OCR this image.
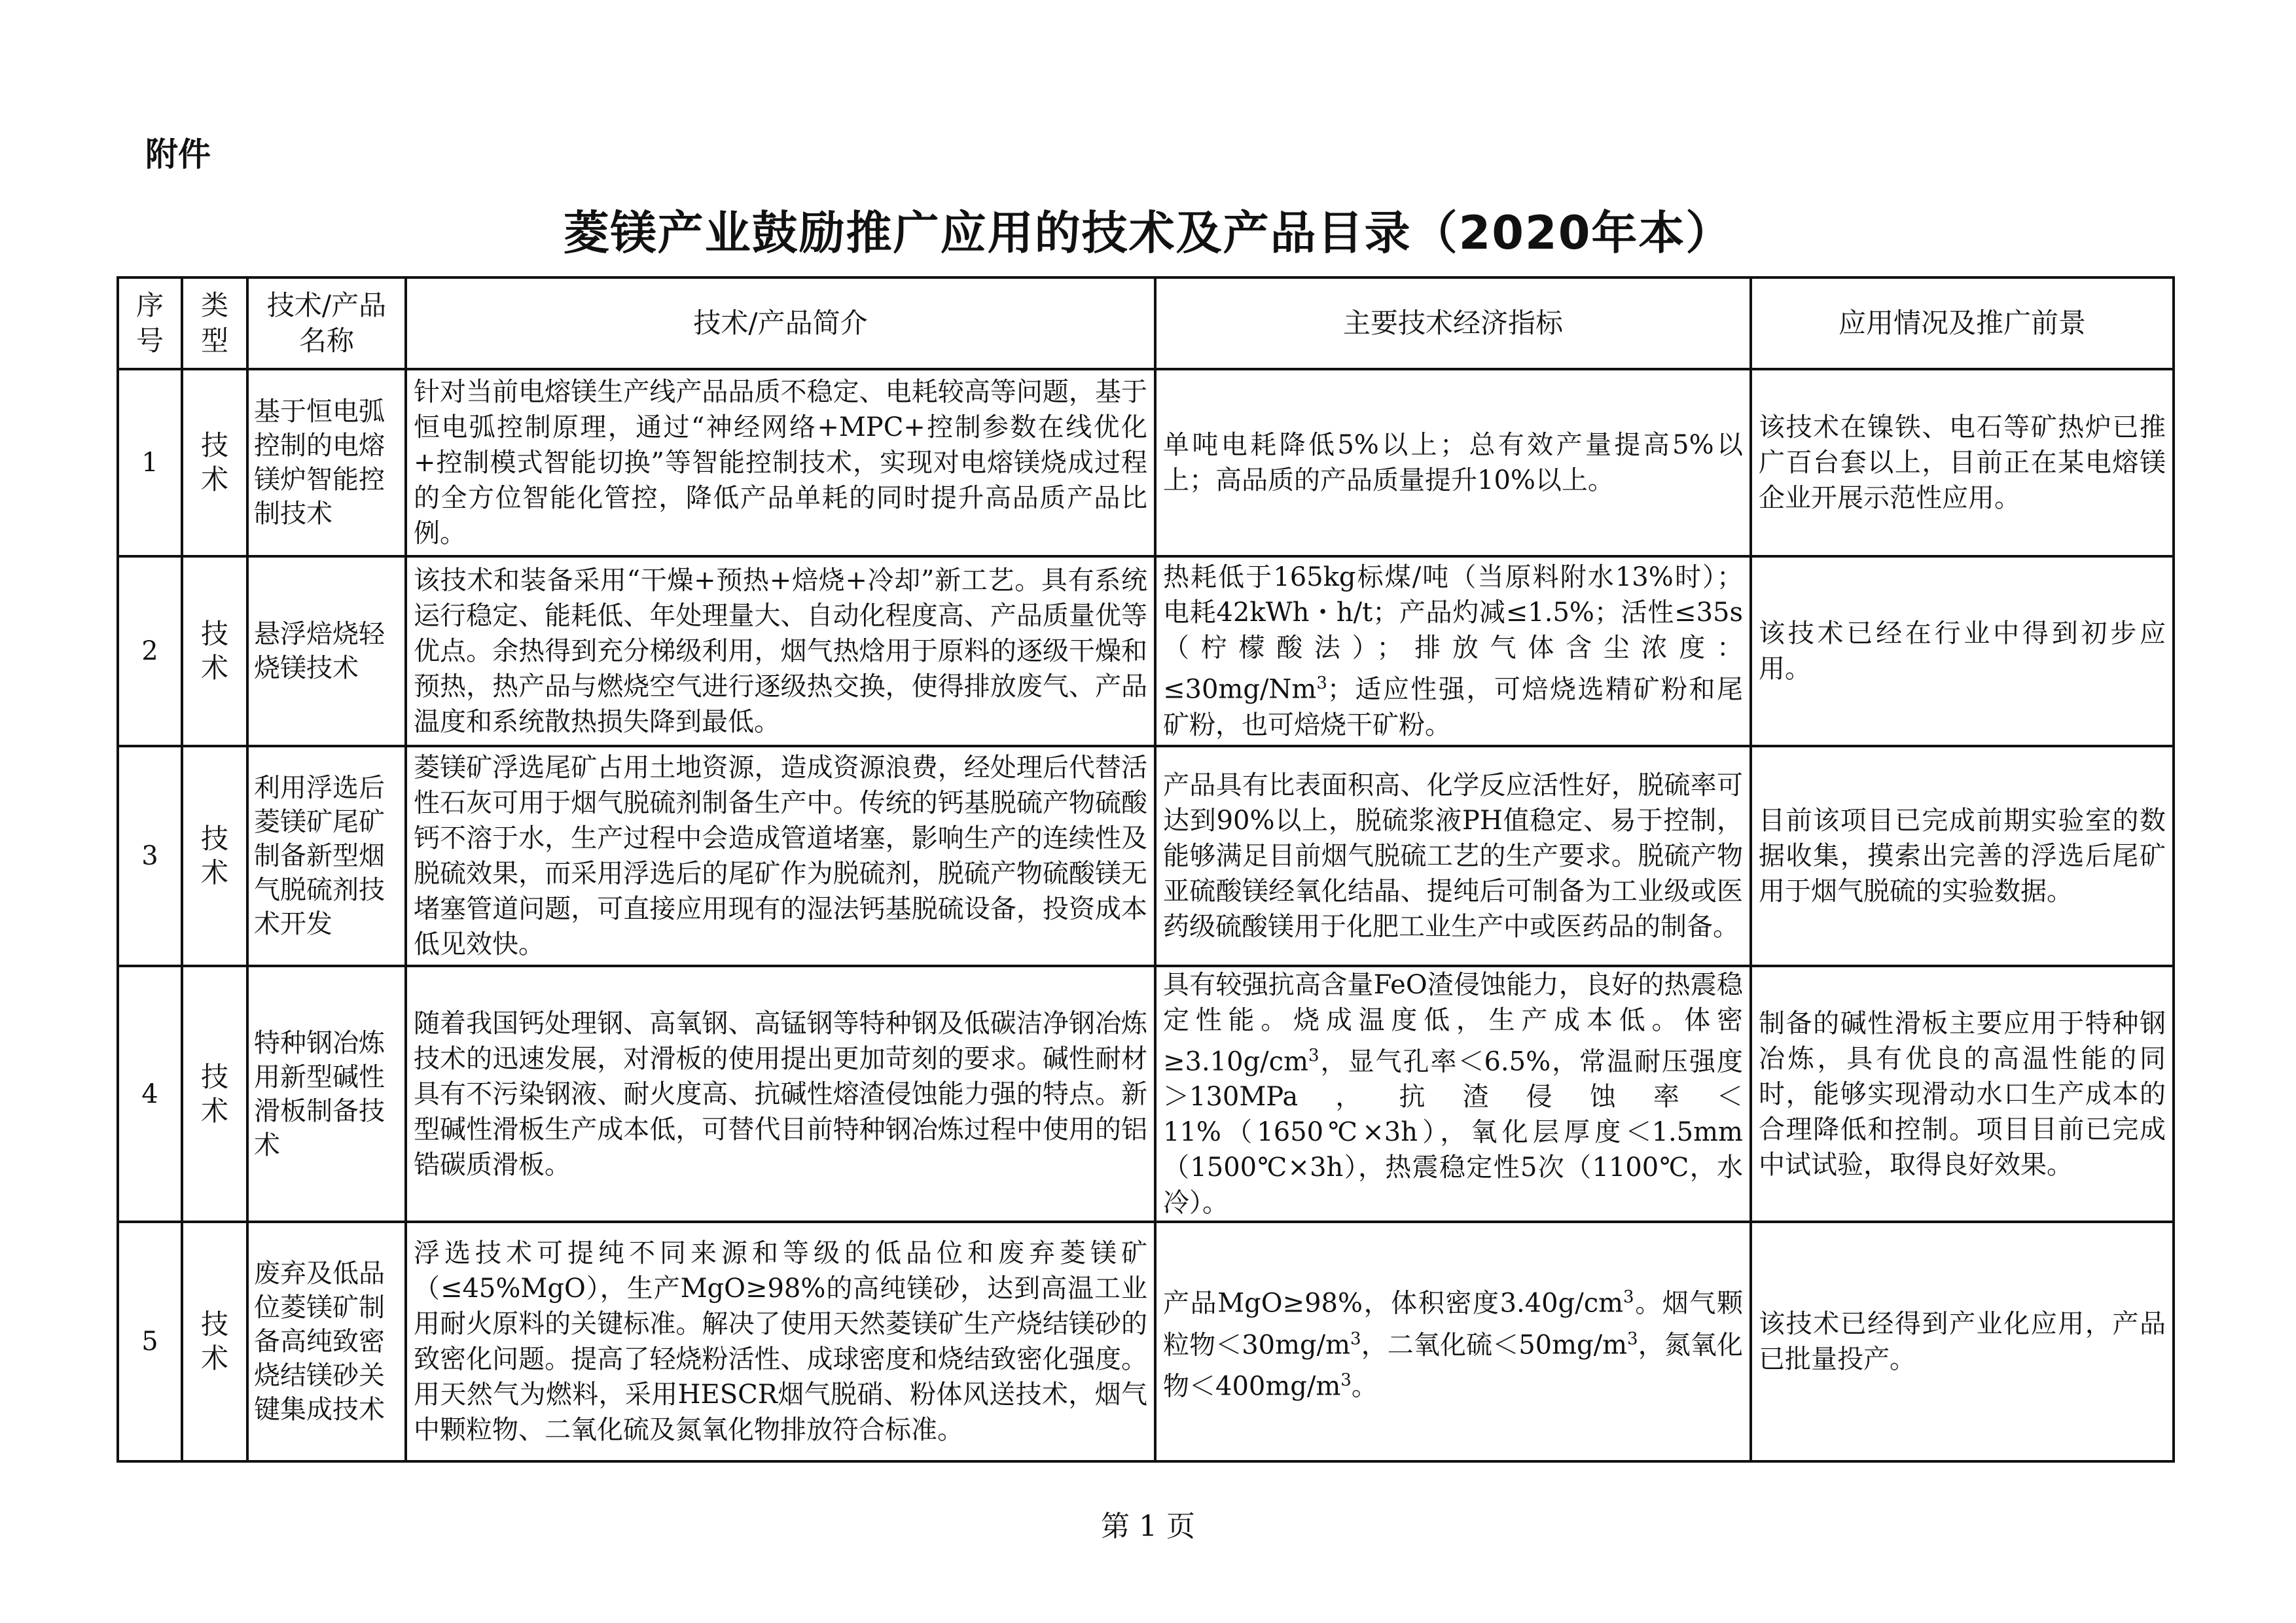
附件
菱镁产业鼓励推广应用的技术及产品目录（2020年本）
序号	类型	技术/产品名称	技术/产品简介	主要技术经济指标	应用情况及推广前景
1	技术	基于恒电弧控制的电熔镁炉智能控制技术	针对当前电熔镁生产线产品品质不稳定、电耗较高等问题，基于恒电弧控制原理，通过“神经网络+MPC+控制参数在线优化+控制模式智能切换”等智能控制技术，实现对电熔镁烧成过程的全方位智能化管控，降低产品单耗的同时提升高品质产品比例。	单吨电耗降低5%以上；总有效产量提高5%以上；高品质的产品质量提升10%以上。	该技术在镍铁、电石等矿热炉已推广百台套以上，目前正在某电熔镁企业开展示范性应用。
2	技术	悬浮焙烧轻烧镁技术	该技术和装备采用“干燥+预热+焙烧+冷却”新工艺。具有系统运行稳定、能耗低、年处理量大、自动化程度高、产品质量优等优点。余热得到充分梯级利用，烟气热焓用于原料的逐级干燥和预热，热产品与燃烧空气进行逐级热交换，使得排放废气、产品温度和系统散热损失降到最低。	热耗低于165kg标煤/吨（当原料附水13%时）；电耗42kWh・h/t；产品灼减≤1.5%；活性≤35s（柠檬酸法）；排放气体含尘浓度：$\le 30mg/Nm^3$；适应性强，可焙烧选精矿粉和尾矿粉，也可焙烧干矿粉。	该技术已经在行业中得到初步应用。
3	技术	利用浮选后菱镁矿尾矿制备新型烟气脱硫剂技术开发	菱镁矿浮选尾矿占用土地资源，造成资源浪费，经处理后代替活性石灰可用于烟气脱硫剂制备生产中。传统的钙基脱硫产物硫酸钙不溶于水，生产过程中会造成管道堵塞，影响生产的连续性及脱硫效果，而采用浮选后的尾矿作为脱硫剂，脱硫产物硫酸镁无堵塞管道问题，可直接应用现有的湿法钙基脱硫设备，投资成本低见效快。	产品具有比表面积高、化学反应活性好，脱硫率可达到90%以上，脱硫浆液PH值稳定、易于控制，能够满足目前烟气脱硫工艺的生产要求。脱硫产物亚硫酸镁经氧化结晶、提纯后可制备为工业级或医药级硫酸镁用于化肥工业生产中或医药品的制备。	目前该项目已完成前期实验室的数据收集，摸索出完善的浮选后尾矿用于烟气脱硫的实验数据。
4	技术	特种钢冶炼用新型碱性滑板制备技术	随着我国钙处理钢、高氧钢、高锰钢等特种钢及低碳洁净钢冶炼技术的迅速发展，对滑板的使用提出更加苛刻的要求。碱性耐材具有不污染钢液、耐火度高、抗碱性熔渣侵蚀能力强的特点。新型碱性滑板生产成本低，可替代目前特种钢冶炼过程中使用的铝锆碳质滑板。	具有较强抗高含量FeO渣侵蚀能力，良好的热震稳定性能。烧成温度低，生产成本低。体密$\ge 3.10g/cm^3$，显气孔率＜6.5%，常温耐压强度＞130MPa，抗渣侵蚀率＜11%（1650℃×3h），氧化层厚度＜1.5mm（1500℃×3h），热震稳定性5次（1100℃，水冷）。	制备的碱性滑板主要应用于特种钢冶炼，具有优良的高温性能的同时，能够实现滑动水口生产成本的合理降低和控制。项目目前已完成中试试验，取得良好效果。
5	技术	废弃及低品位菱镁矿制备高纯致密烧结镁砂关键集成技术	浮选技术可提纯不同来源和等级的低品位和废弃菱镁矿（≤45%MgO），生产MgO≥98%的高纯镁砂，达到高温工业用耐火原料的关键标准。解决了使用天然菱镁矿生产烧结镁砂的致密化问题。提高了轻烧粉活性、成球密度和烧结致密化强度。用天然气为燃料，采用HESCR烟气脱硝、粉体风送技术，烟气中颗粒物、二氧化硫及氮氧化物排放符合标准。	产品MgO≥98%，体积密度$3.40g/cm^3$。烟气颗粒物$<30mg/m^3$，二氧化硫$<50mg/m^3$，氮氧化物$<400mg/m^3$。	该技术已经得到产业化应用，产品已批量投产。
第 1 页
